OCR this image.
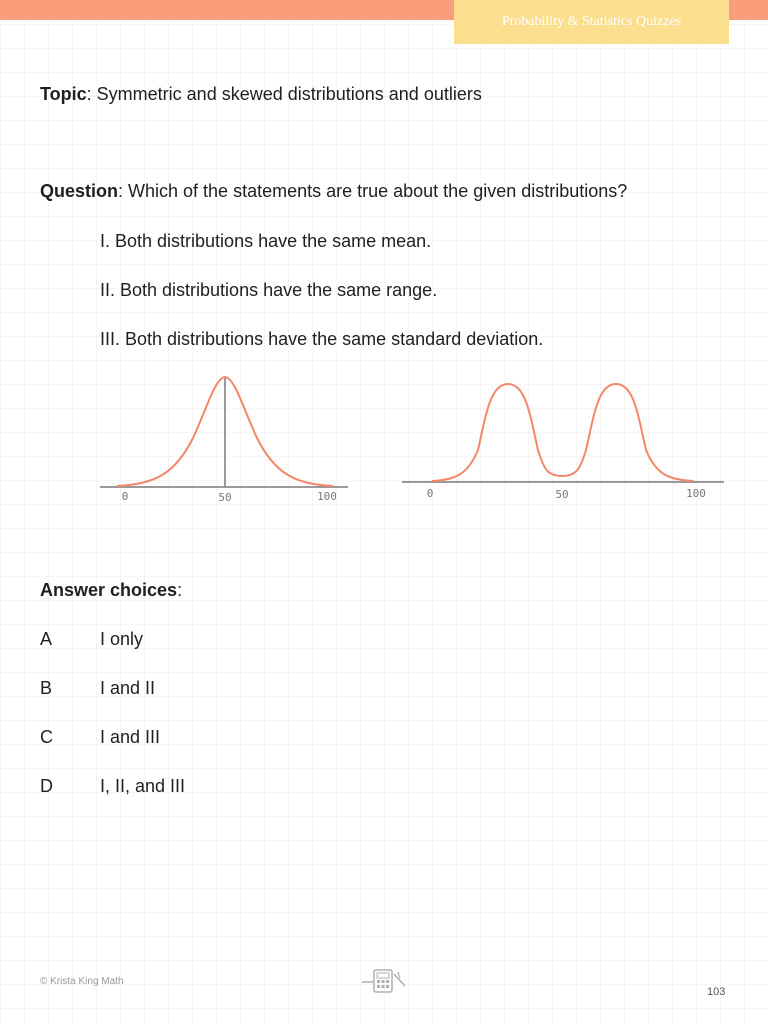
Probability & Statistics Quizzes
Topic: Symmetric and skewed distributions and outliers
Question: Which of the statements are true about the given distributions?
I. Both distributions have the same mean.
II. Both distributions have the same range.
III. Both distributions have the same standard deviation.
0	50	100	0	50	100
Answer choices:
A	I only
B	I and II
C	I and III
D	I, II, and III
© Krista King Math
103
